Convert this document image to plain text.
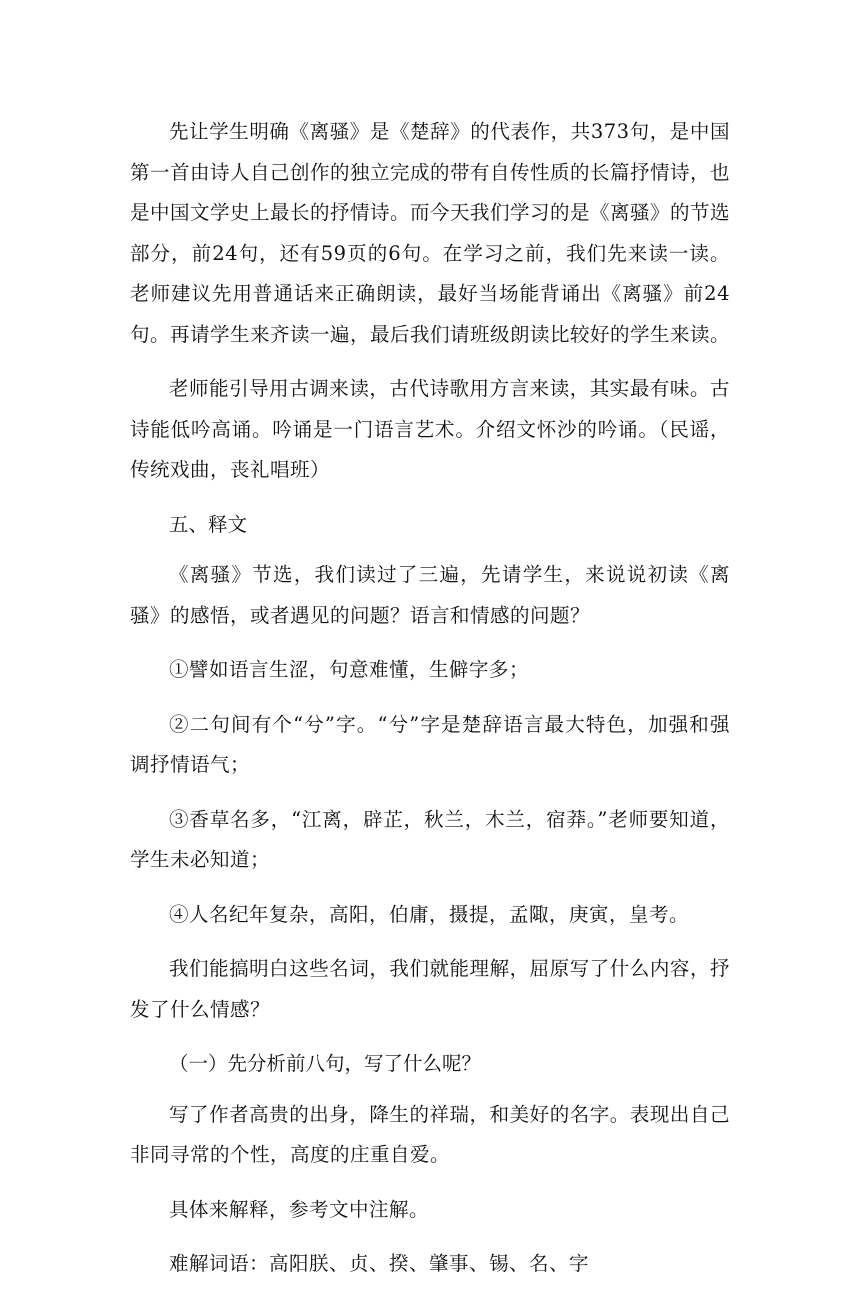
先让学生明确《离骚》是《楚辞》的代表作，共373句，是中国第一首由诗人自己创作的独立完成的带有自传性质的长篇抒情诗，也是中国文学史上最长的抒情诗。而今天我们学习的是《离骚》的节选部分，前24句，还有59页的6句。在学习之前，我们先来读一读。老师建议先用普通话来正确朗读，最好当场能背诵出《离骚》前24句。再请学生来齐读一遍，最后我们请班级朗读比较好的学生来读。

老师能引导用古调来读，古代诗歌用方言来读，其实最有味。古诗能低吟高诵。吟诵是一门语言艺术。介绍文怀沙的吟诵。（民谣，传统戏曲，丧礼唱班）

五、释文

《离骚》节选，我们读过了三遍，先请学生，来说说初读《离骚》的感悟，或者遇见的问题？语言和情感的问题？

①譬如语言生涩，句意难懂，生僻字多；

②二句间有个“兮”字。“兮”字是楚辞语言最大特色，加强和强调抒情语气；

③香草名多，“江离，辟芷，秋兰，木兰，宿莽。”老师要知道，学生未必知道；

④人名纪年复杂，高阳，伯庸，摄提，孟陬，庚寅，皇考。

我们能搞明白这些名词，我们就能理解，屈原写了什么内容，抒发了什么情感？

（一）先分析前八句，写了什么呢？

写了作者高贵的出身，降生的祥瑞，和美好的名字。表现出自己非同寻常的个性，高度的庄重自爱。

具体来解释，参考文中注解。

难解词语：高阳朕、贞、揆、肇事、锡、名、字
